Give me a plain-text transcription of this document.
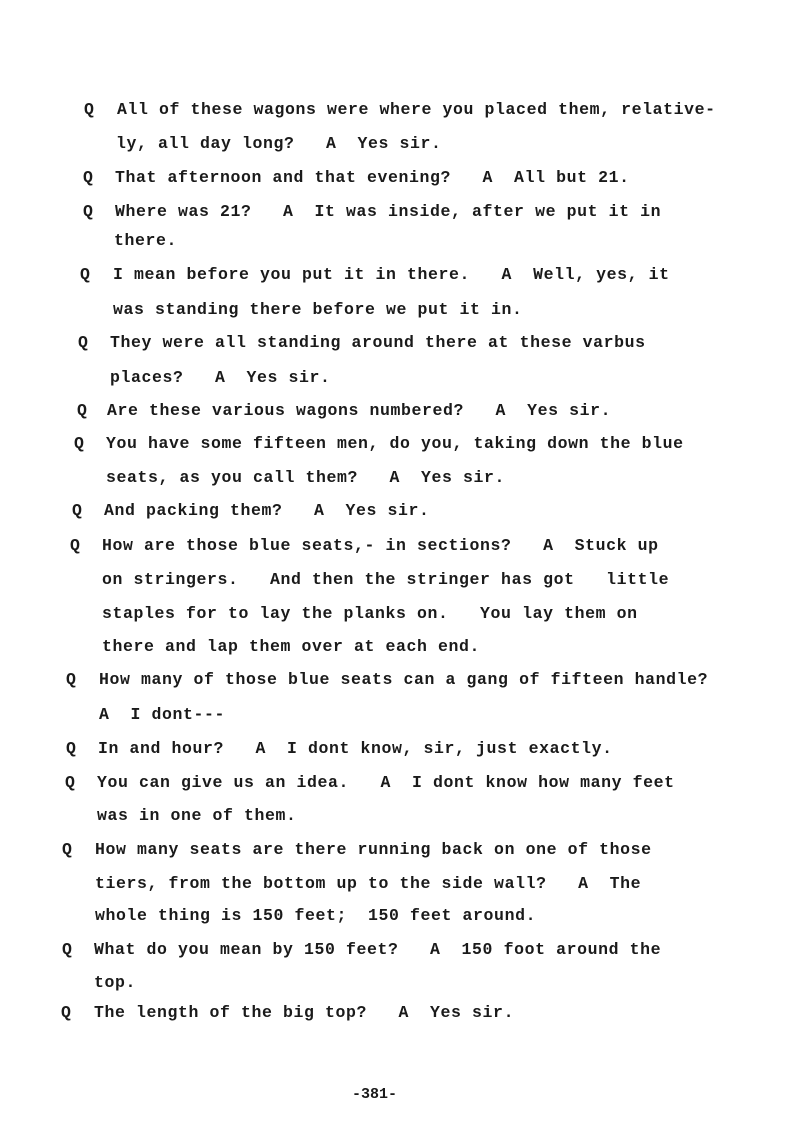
Q All of these wagons were where you placed them, relative-
ly, all day long?   A  Yes sir.
Q That afternoon and that evening?   A  All but 21.
Q Where was 21?   A  It was inside, after we put it in
there.
Q I mean before you put it in there.   A  Well, yes, it
was standing there before we put it in.
Q They were all standing around there at these varbus
places?   A  Yes sir.
Q Are these various wagons numbered?   A  Yes sir.
Q You have some fifteen men, do you, taking down the blue
seats, as you call them?   A  Yes sir.
Q And packing them?   A  Yes sir.
Q How are those blue seats,- in sections?   A  Stuck up
on stringers.   And then the stringer has got   little
staples for to lay the planks on.   You lay them on
there and lap them over at each end.
Q How many of those blue seats can a gang of fifteen handle?
A  I dont---
Q In and hour?   A  I dont know, sir, just exactly.
Q You can give us an idea.   A  I dont know how many feet
was in one of them.
Q How many seats are there running back on one of those
tiers, from the bottom up to the side wall?   A  The
whole thing is 150 feet;  150 feet around.
Q What do you mean by 150 feet?   A  150 foot around the
top.
Q The length of the big top?   A  Yes sir.
-381-
